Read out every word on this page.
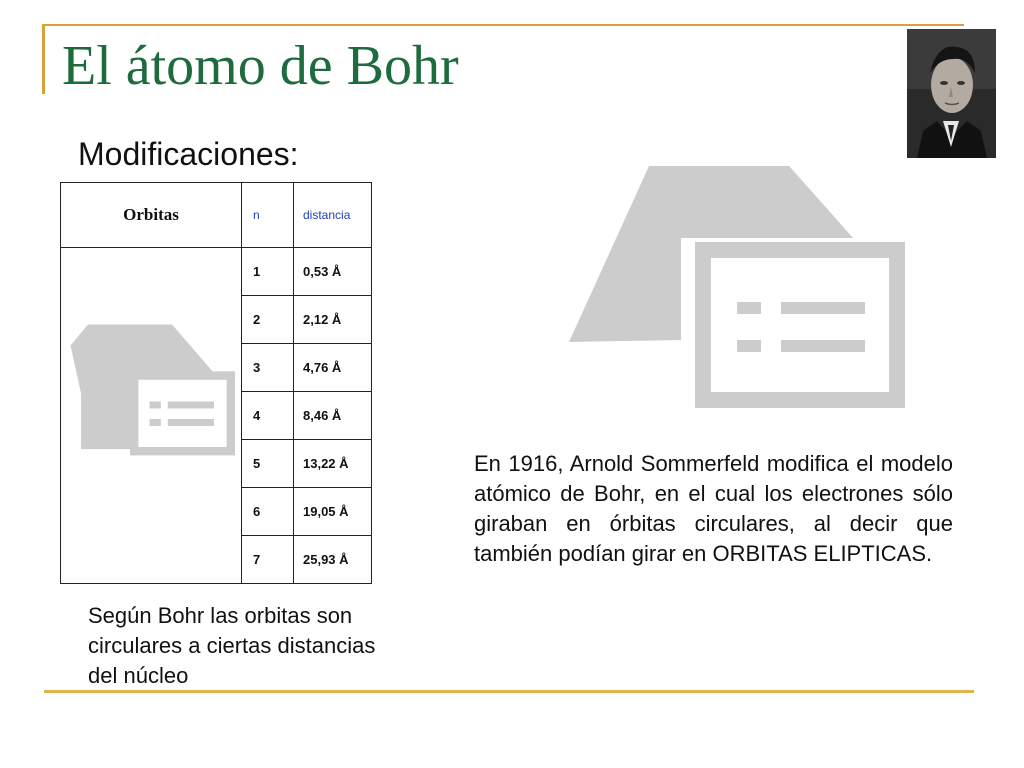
El átomo de Bohr
Modificaciones:
Orbitas	n	distancia

	1	0,53 Å
	2	2,12 Å
	3	4,76 Å
	4	8,46 Å
	5	13,22 Å
	6	19,05 Å
	7	25,93 Å

Según Bohr las orbitas son circulares a ciertas distancias del núcleo

En 1916, Arnold Sommerfeld modifica el modelo atómico de Bohr, en el cual los electrones sólo giraban en órbitas circulares, al decir que también podían girar en ORBITAS ELIPTICAS.
